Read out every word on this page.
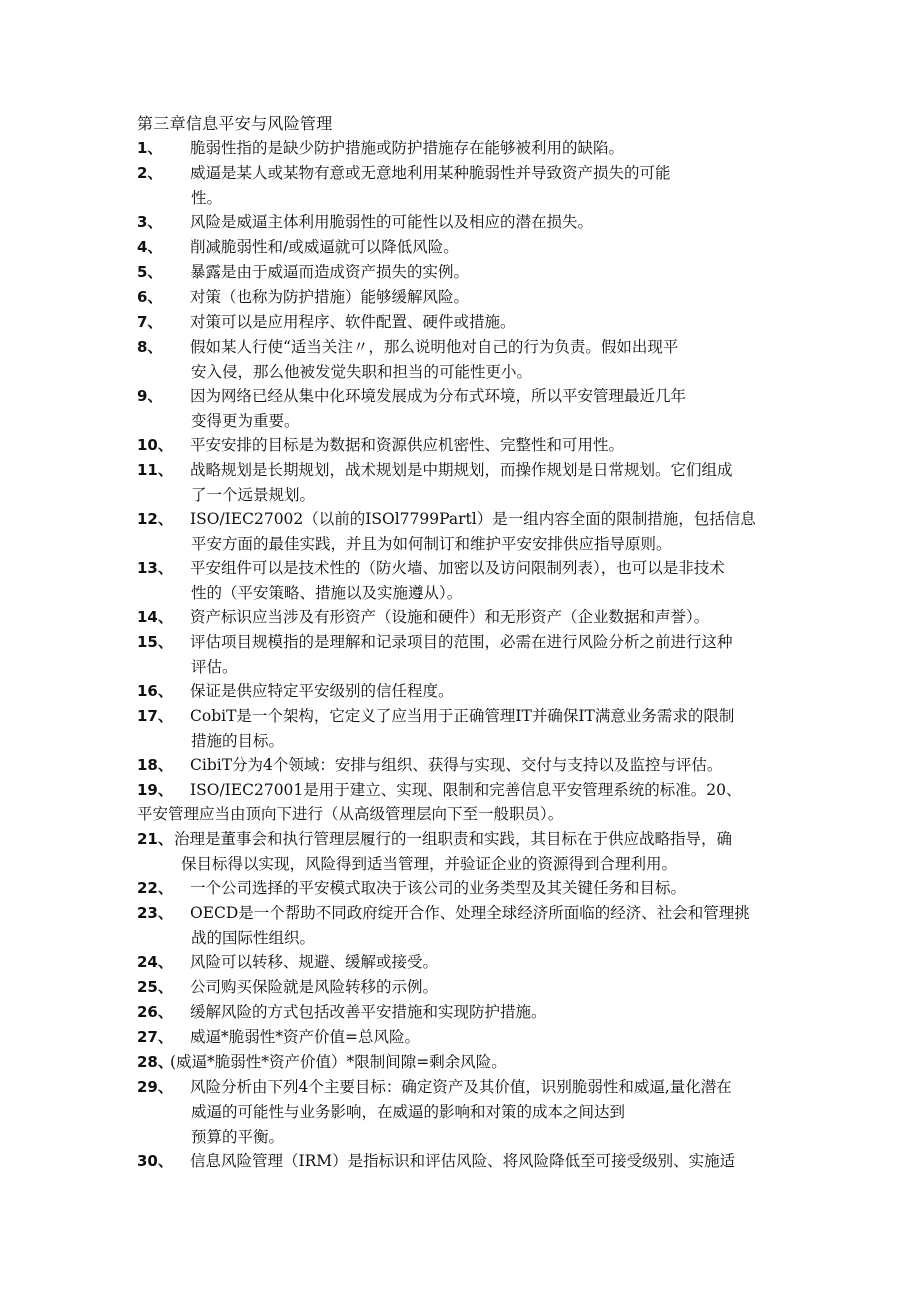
第三章信息平安与风险管理
1、 脆弱性指的是缺少防护措施或防护措施存在能够被利用的缺陷。
2、 威逼是某人或某物有意或无意地利用某种脆弱性并导致资产损失的可能
性。
3、 风险是威逼主体利用脆弱性的可能性以及相应的潜在损失。
4、 削减脆弱性和/或威逼就可以降低风险。
5、 暴露是由于威逼而造成资产损失的实例。
6、 对策（也称为防护措施）能够缓解风险。
7、 对策可以是应用程序、软件配置、硬件或措施。
8、 假如某人行使“适当关注〃，那么说明他对自己的行为负责。假如出现平
安入侵，那么他被发觉失职和担当的可能性更小。
9、 因为网络已经从集中化环境发展成为分布式环境，所以平安管理最近几年
变得更为重要。
10、 平安安排的目标是为数据和资源供应机密性、完整性和可用性。
11、 战略规划是长期规划，战术规划是中期规划，而操作规划是日常规划。它们组成
了一个远景规划。
12、 ISO/IEC27002（以前的ISOl7799Partl）是一组内容全面的限制措施，包括信息
平安方面的最佳实践，并且为如何制订和维护平安安排供应指导原则。
13、 平安组件可以是技术性的（防火墙、加密以及访问限制列表），也可以是非技术
性的（平安策略、措施以及实施遵从）。
14、 资产标识应当涉及有形资产（设施和硬件）和无形资产（企业数据和声誉）。
15、 评估项目规模指的是理解和记录项目的范围，必需在进行风险分析之前进行这种
评估。
16、 保证是供应特定平安级别的信任程度。
17、 CobiT是一个架构，它定义了应当用于正确管理IT并确保IT满意业务需求的限制
措施的目标。
18、 CibiT分为4个领域：安排与组织、获得与实现、交付与支持以及监控与评估。
19、 ISO/IEC27001是用于建立、实现、限制和完善信息平安管理系统的标准。20、
平安管理应当由顶向下进行（从高级管理层向下至一般职员）。
21、 治理是董事会和执行管理层履行的一组职责和实践，其目标在于供应战略指导，确
保目标得以实现，风险得到适当管理，并验证企业的资源得到合理利用。
22、 一个公司选择的平安模式取决于该公司的业务类型及其关键任务和目标。
23、 OECD是一个帮助不同政府绽开合作、处理全球经济所面临的经济、社会和管理挑
战的国际性组织。
24、 风险可以转移、规避、缓解或接受。
25、 公司购买保险就是风险转移的示例。
26、 缓解风险的方式包括改善平安措施和实现防护措施。
27、 威逼*脆弱性*资产价值=总风险。
28、
(威逼*脆弱性*资产价值）*限制间隙=剩余风险。
29、 风险分析由下列4个主要目标：确定资产及其价值，识别脆弱性和威逼,量化潜在
威逼的可能性与业务影响，在威逼的影响和对策的成本之间达到
预算的平衡。
30、 信息风险管理（IRM）是指标识和评估风险、将风险降低至可接受级别、实施适
